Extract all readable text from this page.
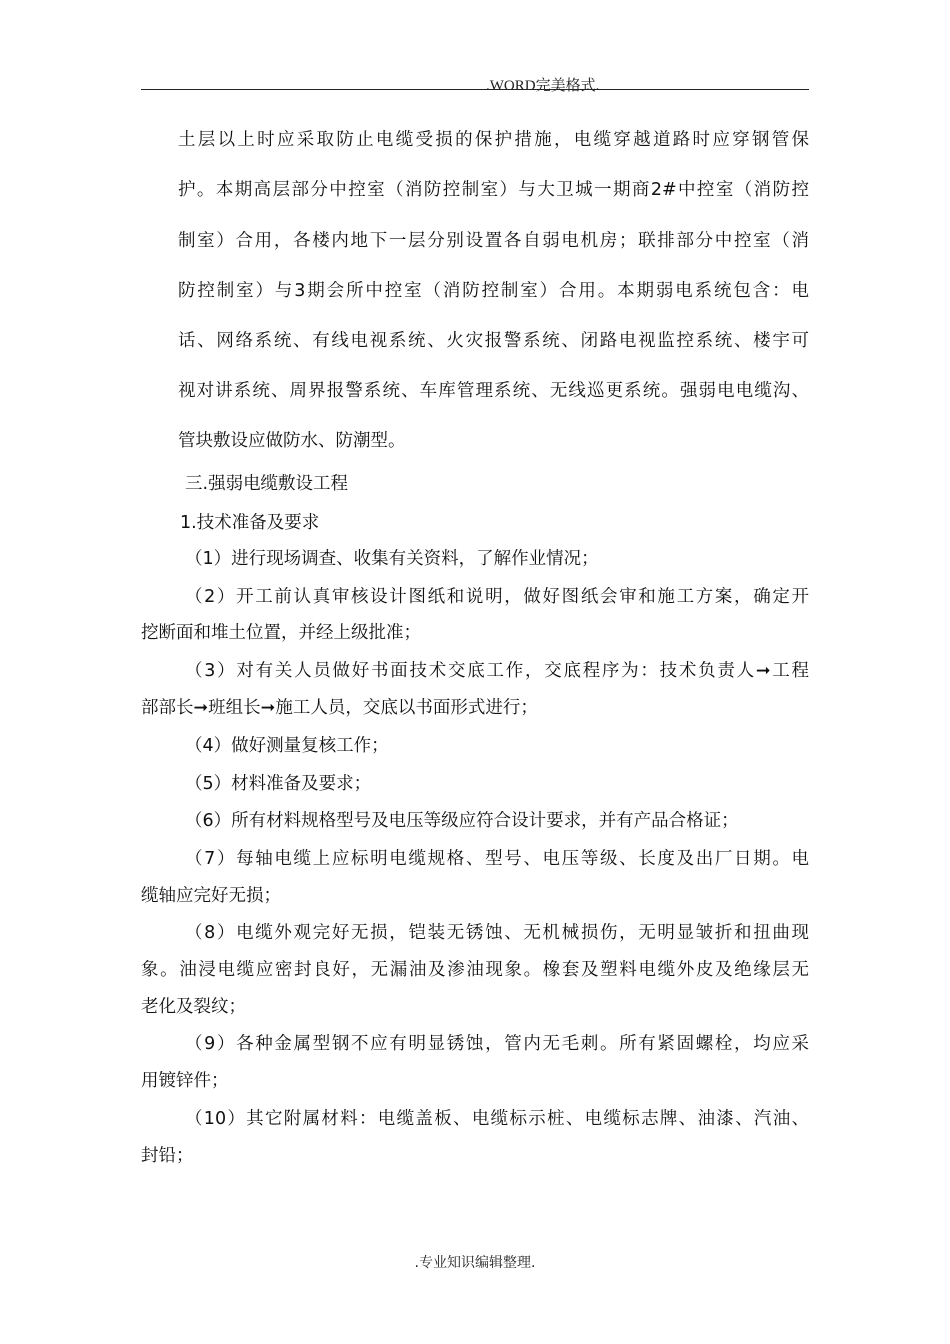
.WORD完美格式.
土层以上时应采取防止电缆受损的保护措施，电缆穿越道路时应穿钢管保
护。本期高层部分中控室（消防控制室）与大卫城一期商2#中控室（消防控
制室）合用，各楼内地下一层分别设置各自弱电机房；联排部分中控室（消
防控制室）与3期会所中控室（消防控制室）合用。本期弱电系统包含：电
话、网络系统、有线电视系统、火灾报警系统、闭路电视监控系统、楼宇可
视对讲系统、周界报警系统、车库管理系统、无线巡更系统。强弱电电缆沟、
管块敷设应做防水、防潮型。
三.强弱电缆敷设工程
1.技术准备及要求
（1）进行现场调查、收集有关资料，了解作业情况；
（2）开工前认真审核设计图纸和说明，做好图纸会审和施工方案，确定开
挖断面和堆土位置，并经上级批准；
（3）对有关人员做好书面技术交底工作，交底程序为：技术负责人➞工程
部部长➞班组长➞施工人员，交底以书面形式进行；
（4）做好测量复核工作；
（5）材料准备及要求；
（6）所有材料规格型号及电压等级应符合设计要求，并有产品合格证；
（7）每轴电缆上应标明电缆规格、型号、电压等级、长度及出厂日期。电
缆轴应完好无损；
（8）电缆外观完好无损，铠装无锈蚀、无机械损伤，无明显皱折和扭曲现
象。油浸电缆应密封良好，无漏油及渗油现象。橡套及塑料电缆外皮及绝缘层无
老化及裂纹；
（9）各种金属型钢不应有明显锈蚀，管内无毛刺。所有紧固螺栓，均应采
用镀锌件；
（10）其它附属材料：电缆盖板、电缆标示桩、电缆标志牌、油漆、汽油、
封铅；
.专业知识编辑整理.
